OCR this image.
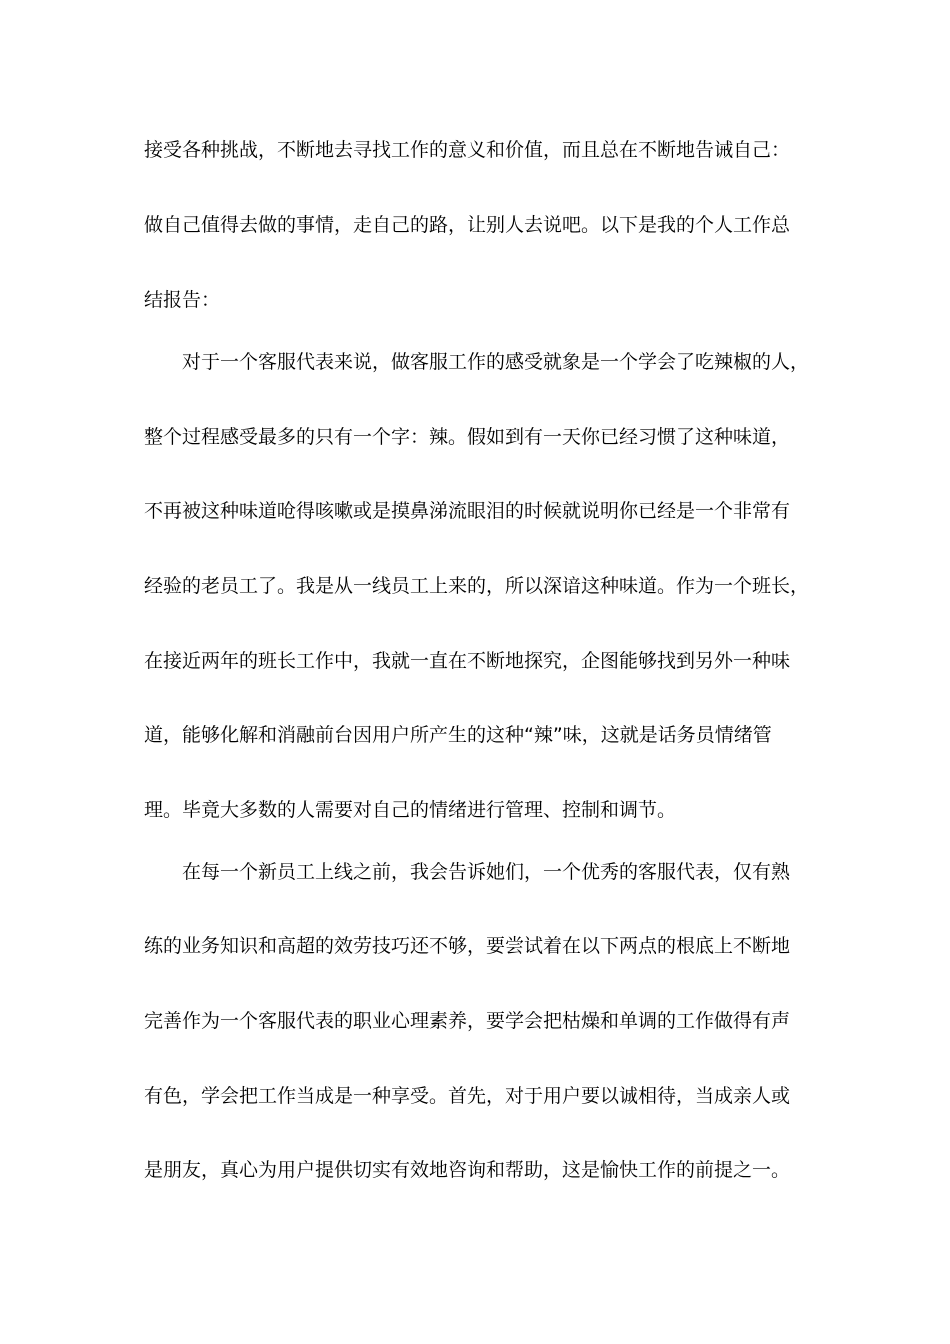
接受各种挑战，不断地去寻找工作的意义和价值，而且总在不断地告诫自己：

做自己值得去做的事情，走自己的路，让别人去说吧。以下是我的个人工作总

结报告：

对于一个客服代表来说，做客服工作的感受就象是一个学会了吃辣椒的人，

整个过程感受最多的只有一个字：辣。假如到有一天你已经习惯了这种味道，

不再被这种味道呛得咳嗽或是摸鼻涕流眼泪的时候就说明你已经是一个非常有

经验的老员工了。我是从一线员工上来的，所以深谙这种味道。作为一个班长，

在接近两年的班长工作中，我就一直在不断地探究，企图能够找到另外一种味

道，能够化解和消融前台因用户所产生的这种“辣”味，这就是话务员情绪管

理。毕竟大多数的人需要对自己的情绪进行管理、控制和调节。

在每一个新员工上线之前，我会告诉她们，一个优秀的客服代表，仅有熟

练的业务知识和高超的效劳技巧还不够，要尝试着在以下两点的根底上不断地

完善作为一个客服代表的职业心理素养，要学会把枯燥和单调的工作做得有声

有色，学会把工作当成是一种享受。首先，对于用户要以诚相待，当成亲人或

是朋友，真心为用户提供切实有效地咨询和帮助，这是愉快工作的前提之一。
